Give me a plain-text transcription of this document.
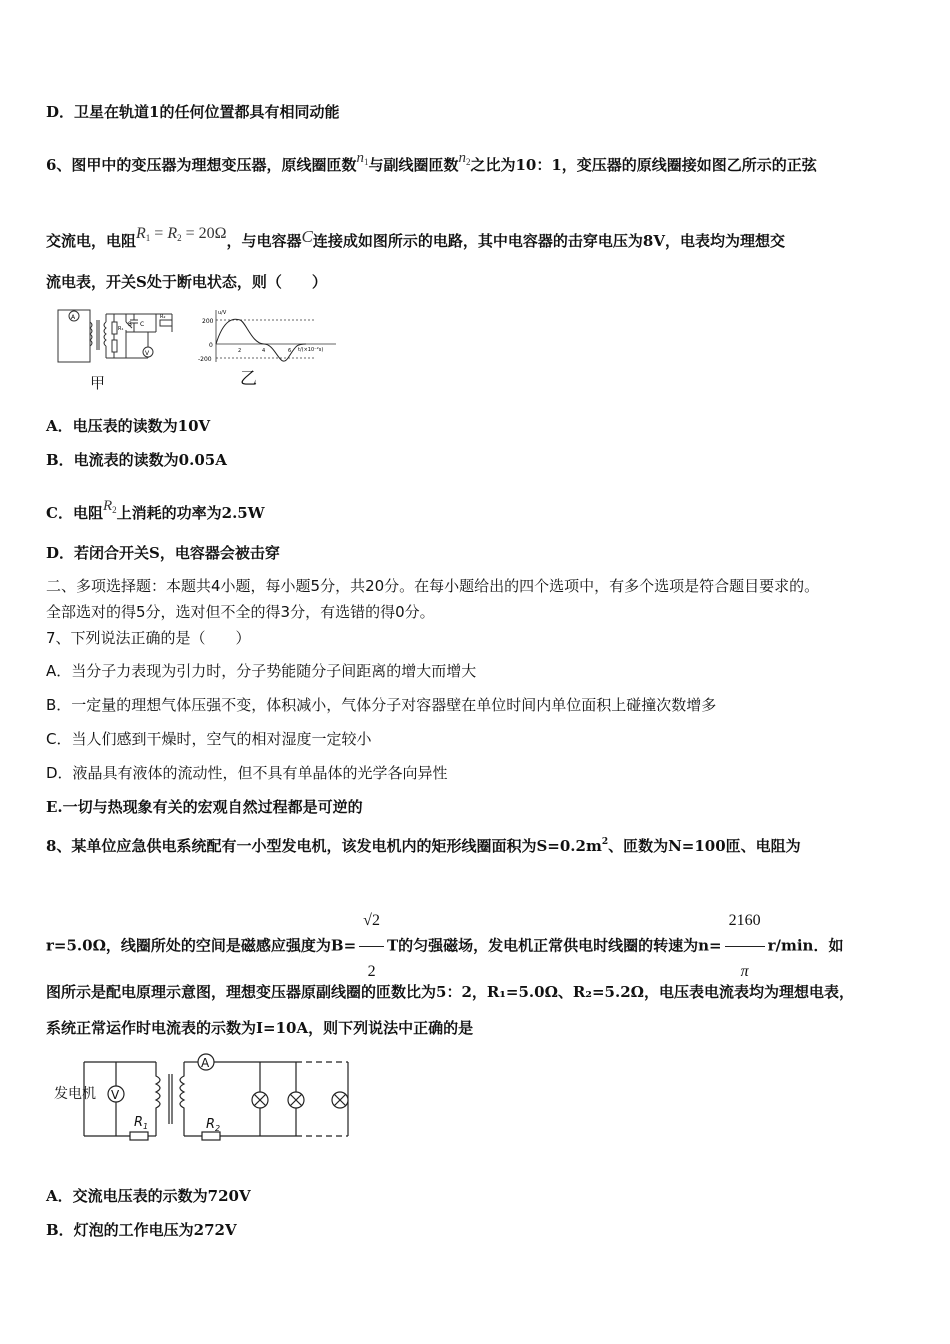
D．卫星在轨道1的任何位置都具有相同动能
6、图甲中的变压器为理想变压器，原线圈匝数$n_1$与副线圈匝数$n_2$之比为10：1，变压器的原线圈接如图乙所示的正弦
交流电，电阻$R_1 = R_2 = 20\Omega$，与电容器C连接成如图所示的电路，其中电容器的击穿电压为8V，电表均为理想交
流电表，开关S处于断电状态，则（　　）
A
V
S C
R₁
R₂
甲
200
0
-200
u/V
2	4	6 t/(×10⁻²s)
乙
A．电压表的读数为10V
B．电流表的读数为0.05A
C．电阻$R_2$上消耗的功率为2.5W
D．若闭合开关S，电容器会被击穿
二、多项选择题：本题共4小题，每小题5分，共20分。在每小题给出的四个选项中，有多个选项是符合题目要求的。
全部选对的得5分，选对但不全的得3分，有选错的得0分。
7、下列说法正确的是（　　）
A．当分子力表现为引力时，分子势能随分子间距离的增大而增大
B．一定量的理想气体压强不变，体积减小，气体分子对容器壁在单位时间内单位面积上碰撞次数增多
C．当人们感到干燥时，空气的相对湿度一定较小
D．液晶具有液体的流动性，但不具有单晶体的光学各向异性
E.一切与热现象有关的宏观自然过程都是可逆的
8、某单位应急供电系统配有一小型发电机，该发电机内的矩形线圈面积为$S=0.2m^2$、匝数为N=100匝、电阻为
r=5.0Ω，线圈所处的空间是磁感应强度为$B= \frac{√2}{2}$ T的匀强磁场，发电机正常供电时线圈的转速为$n= \frac{2160}{\pi} r/\min$．如
图所示是配电原理示意图，理想变压器原副线圈的匝数比为5：2，R₁=5.0Ω、R₂=5.2Ω，电压表电流表均为理想电表，
系统正常运作时电流表的示数为I=10A，则下列说法中正确的是
发电机 V
A
$R_1$	$R_2$
A．交流电压表的示数为720V
B．灯泡的工作电压为272V
